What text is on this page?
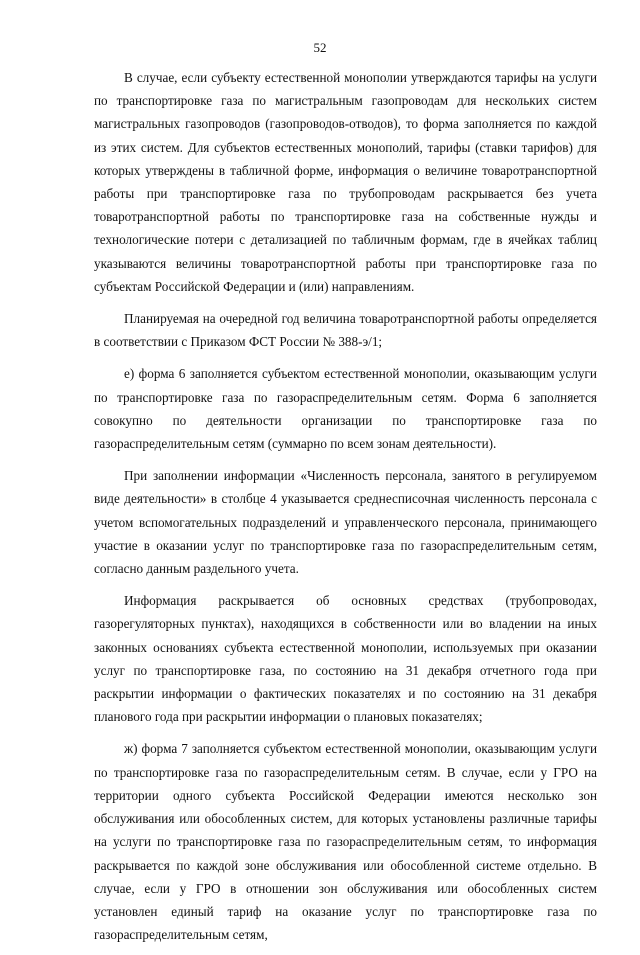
52

В случае, если субъекту естественной монополии утверждаются тарифы на услуги по транспортировке газа по магистральным газопроводам для нескольких систем магистральных газопроводов (газопроводов-отводов), то форма заполняется по каждой из этих систем. Для субъектов естественных монополий, тарифы (ставки тарифов) для которых утверждены в табличной форме, информация о величине товаротранспортной работы при транспортировке газа по трубопроводам раскрывается без учета товаротранспортной работы по транспортировке газа на собственные нужды и технологические потери с детализацией по табличным формам, где в ячейках таблиц указываются величины товаротранспортной работы при транспортировке газа по субъектам Российской Федерации и (или) направлениям.

Планируемая на очередной год величина товаротранспортной работы определяется в соответствии с Приказом ФСТ России № 388-э/1;

е) форма 6 заполняется субъектом естественной монополии, оказывающим услуги по транспортировке газа по газораспределительным сетям. Форма 6 заполняется совокупно по деятельности организации по транспортировке газа по газораспределительным сетям (суммарно по всем зонам деятельности).

При заполнении информации «Численность персонала, занятого в регулируемом виде деятельности» в столбце 4 указывается среднесписочная численность персонала с учетом вспомогательных подразделений и управленческого персонала, принимающего участие в оказании услуг по транспортировке газа по газораспределительным сетям, согласно данным раздельного учета.

Информация раскрывается об основных средствах (трубопроводах, газорегуляторных пунктах), находящихся в собственности или во владении на иных законных основаниях субъекта естественной монополии, используемых при оказании услуг по транспортировке газа, по состоянию на 31 декабря отчетного года при раскрытии информации о фактических показателях и по состоянию на 31 декабря планового года при раскрытии информации о плановых показателях;

ж) форма 7 заполняется субъектом естественной монополии, оказывающим услуги по транспортировке газа по газораспределительным сетям. В случае, если у ГРО на территории одного субъекта Российской Федерации имеются несколько зон обслуживания или обособленных систем, для которых установлены различные тарифы на услуги по транспортировке газа по газораспределительным сетям, то информация раскрывается по каждой зоне обслуживания или обособленной системе отдельно. В случае, если у ГРО в отношении зон обслуживания или обособленных систем установлен единый тариф на оказание услуг по транспортировке газа по газораспределительным сетям,
